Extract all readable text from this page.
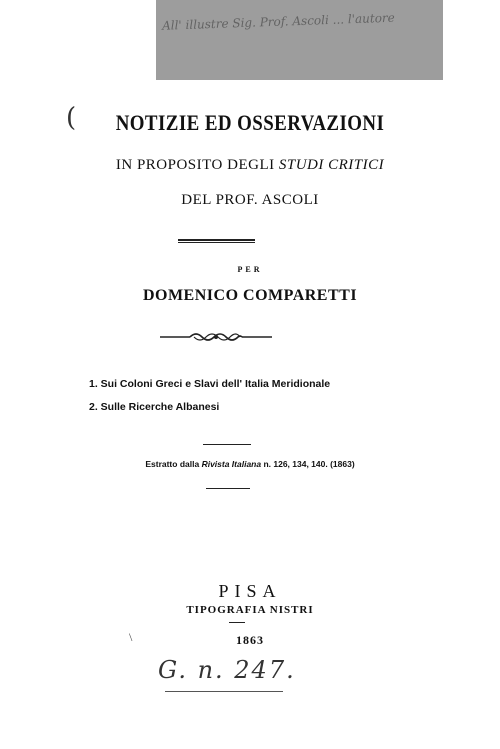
All' illustre Sig. Prof. Ascoli ... l'autore
(	NOTIZIE ED OSSERVAZIONI
IN PROPOSITO DEGLI STUDI CRITICI
DEL PROF. ASCOLI
PER
DOMENICO COMPARETTI
1. Sui Coloni Greci e Slavi dell' Italia Meridionale
2. Sulle Ricerche Albanesi
Estratto dalla Rivista Italiana n. 126, 134, 140. (1863)
PISA
TIPOGRAFIA NISTRI
1863
\
G. n. 247.
